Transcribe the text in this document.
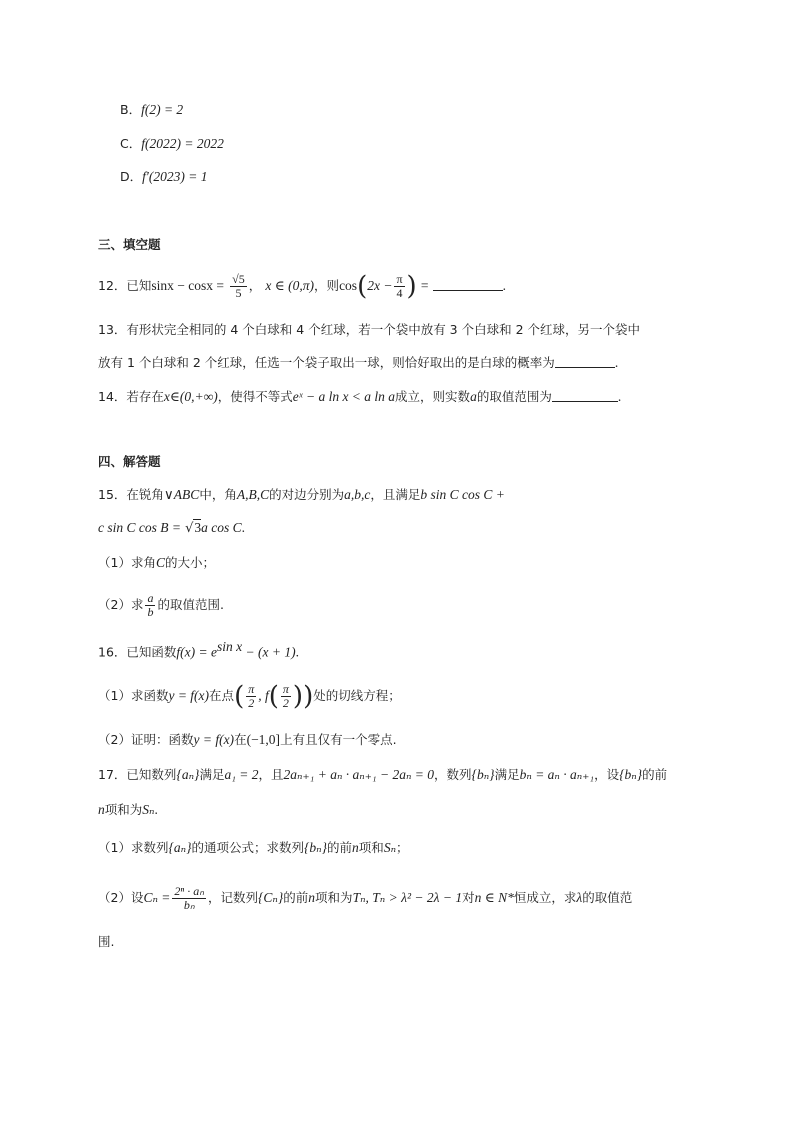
B．f(2) = 2
C．f(2022) = 2022
D．f′(2023) = 1
三、填空题
12．已知$\sin x - \cos x = \frac{√5}{5}$ ， x ∈ (0,π)，则$\cos(2x - \frac{\pi}{4}$ ) =	.
13．有形状完全相同的 4 个白球和 4 个红球，若一个袋中放有 3 个白球和 2 个红球，另一个袋中
放有 1 个白球和 2 个红球，任选一个袋子取出一球，则恰好取出的是白球的概率为	.
14．若存在x∈(0,+∞)，使得不等式eˣ − a ln x < a ln a成立，则实数a的取值范围为	.
四、解答题
15．在锐角∨ABC中，角A,B,C的对边分别为a,b,c，且满足b sin C cos C +
c sin C cos B = √3a cos C.
（1）求角C的大小；
（2）求 $\frac{a}{b}$ 的取值范围.
16．已知函数$f(x) = e^{sin x} - (x + 1)$.
（1）求函数y = f(x)在点( $\frac{\pi}{2}$ , $f( \frac{\pi}{2}$ ))处的切线方程；
（2）证明：函数y = f(x)在(−1,0]上有且仅有一个零点.
17．已知数列{aₙ}满足a₁ = 2，且2aₙ₊₁ + aₙ · aₙ₊₁ − 2aₙ = 0，数列{bₙ}满足bₙ = aₙ · aₙ₊₁，设{bₙ}的前
n项和为Sₙ.
（1）求数列{aₙ}的通项公式；求数列{bₙ}的前n项和Sₙ；
（2）设$C_n = \frac{\text{2ⁿ · aₙ}}{\text{bₙ}}$ ，记数列{Cₙ}的前n项和为Tₙ, Tₙ > λ² − 2λ − 1对n ∈ N*恒成立，求λ的取值范
围.
